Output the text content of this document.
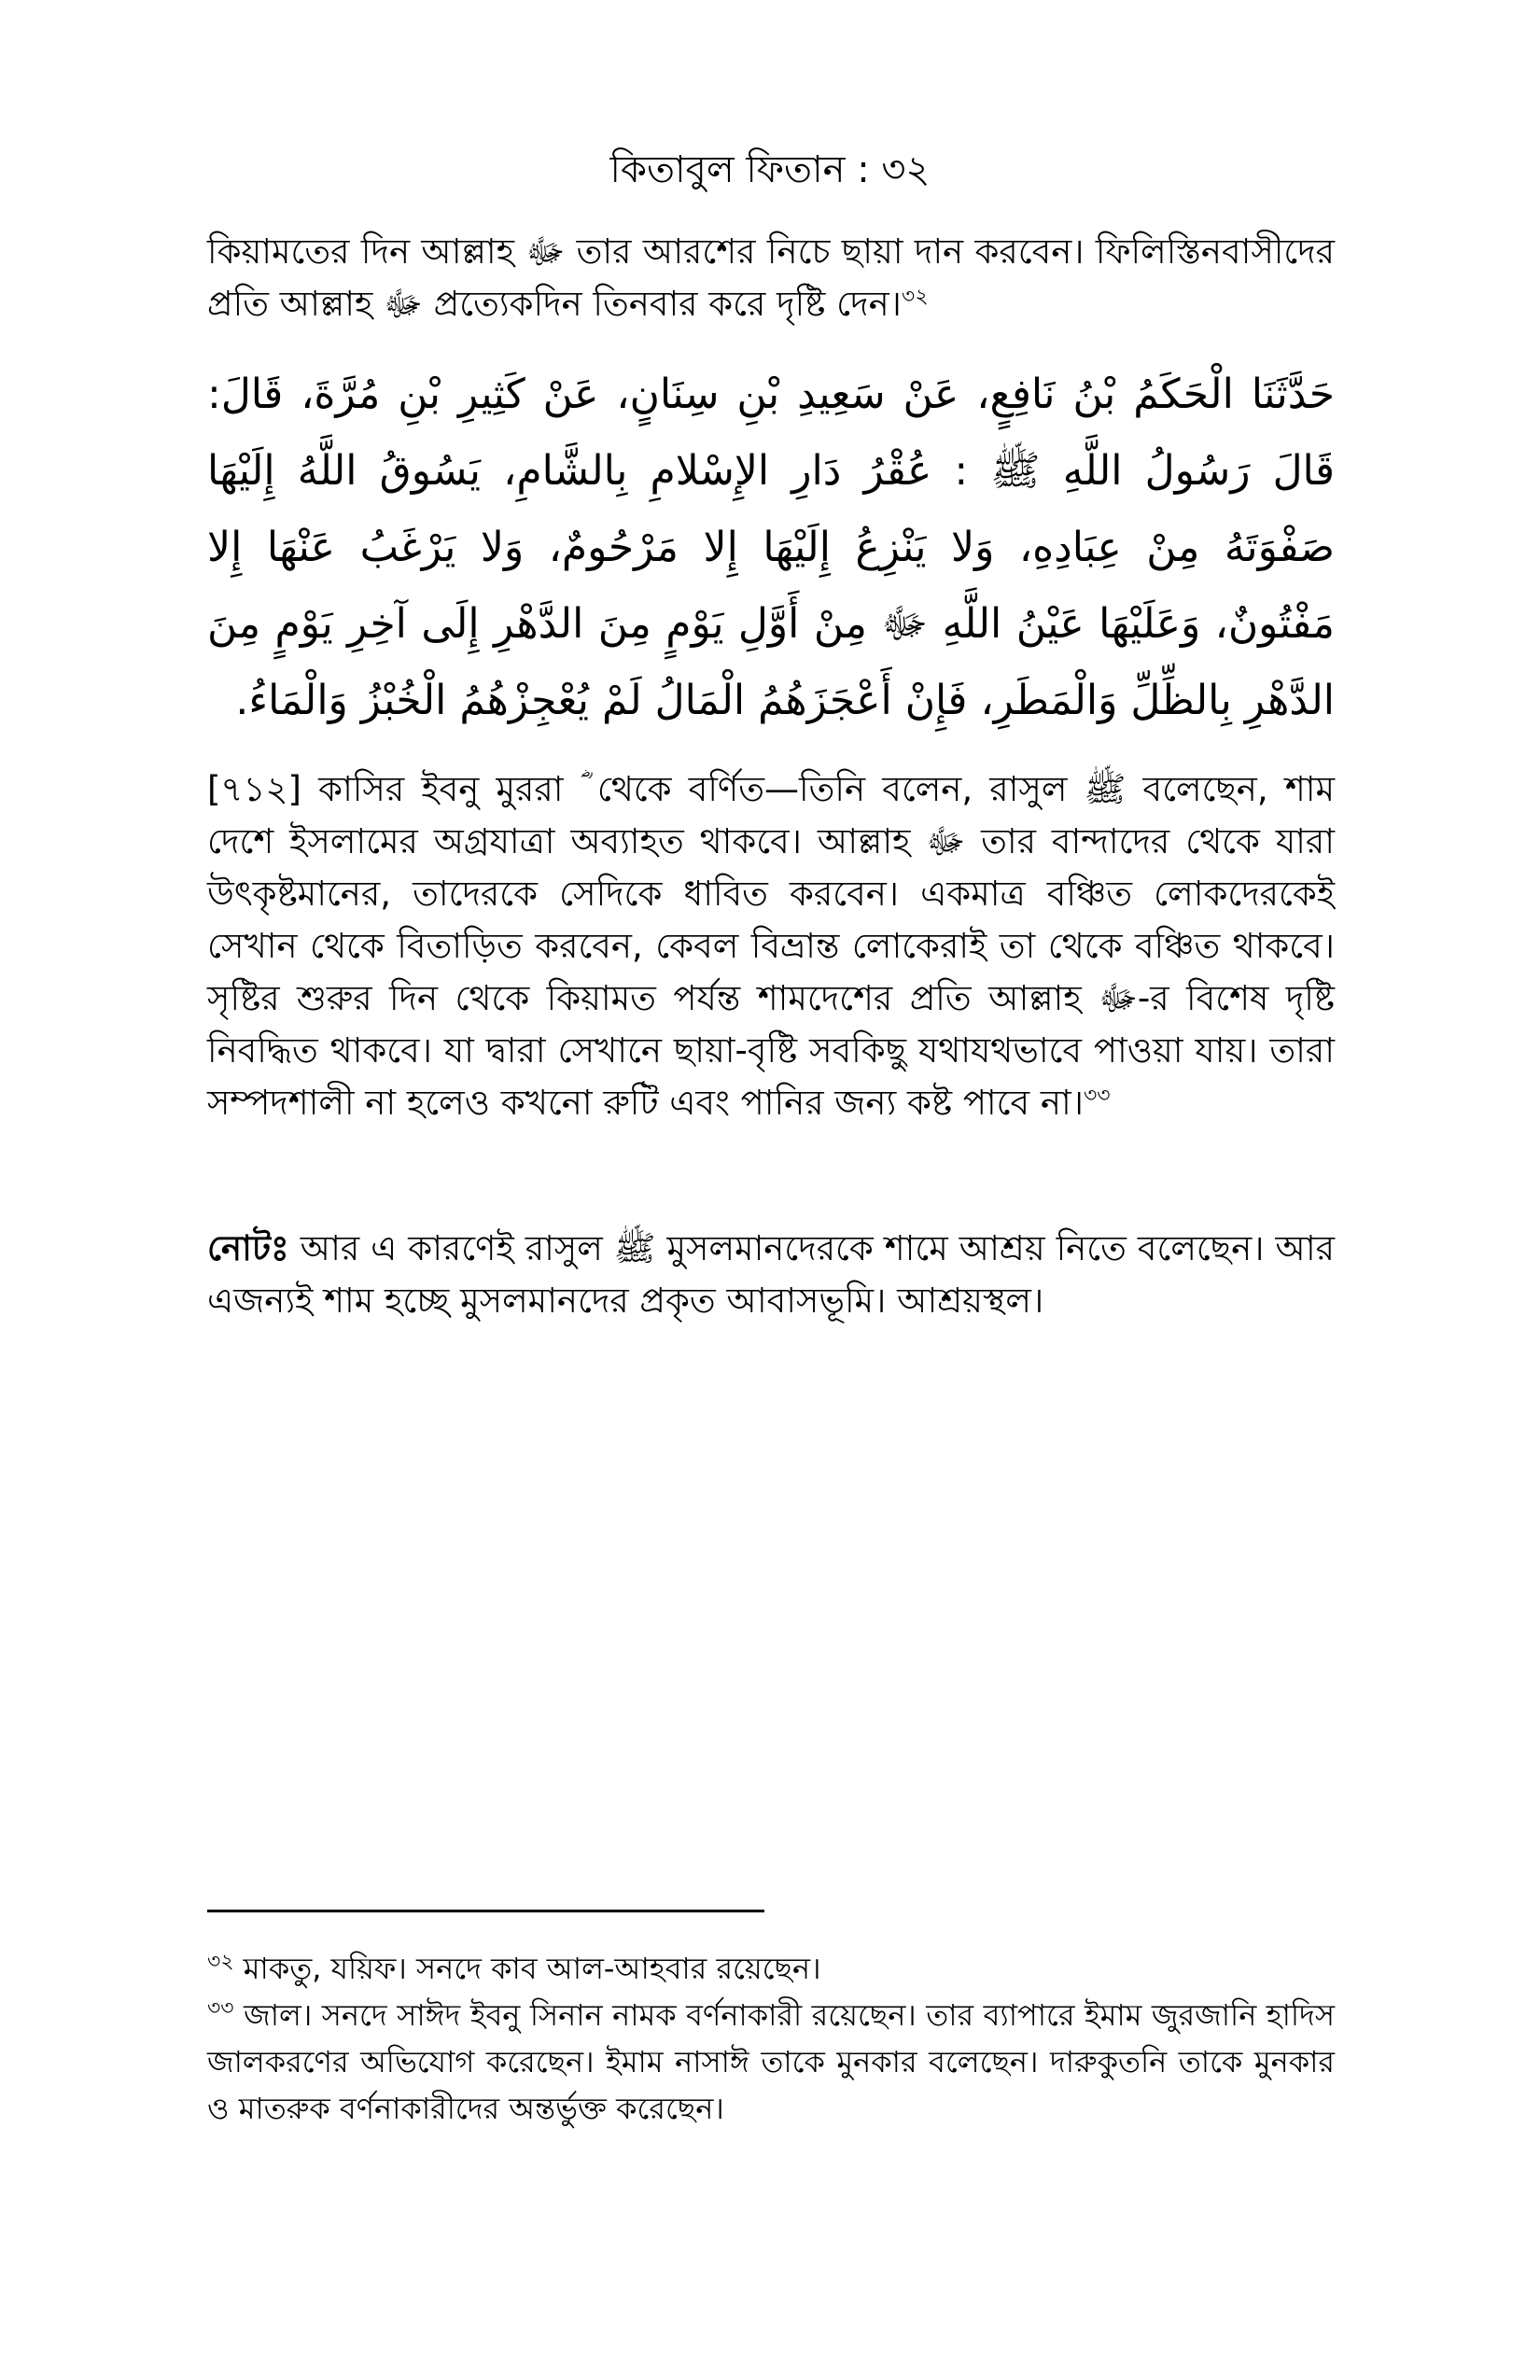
কিতাবুল ফিতান : ৩২

কিয়ামতের দিন আল্লাহ ﷻ তার আরশের নিচে ছায়া দান করবেন। ফিলিস্তিনবাসীদের প্রতি আল্লাহ ﷻ প্রত্যেকদিন তিনবার করে দৃষ্টি দেন।$^{৩২}$

حَدَّثَنَا الْحَكَمُ بْنُ نَافِعٍ، عَنْ سَعِيدِ بْنِ سِنَانٍ، عَنْ كَثِيرِ بْنِ مُرَّةَ، قَالَ: قَالَ رَسُولُ اللَّهِ ﷺ : عُقْرُ دَارِ الإِسْلامِ بِالشَّامِ، يَسُوقُ اللَّهُ إِلَيْهَا صَفْوَتَهُ مِنْ عِبَادِهِ، وَلا يَنْزِعُ إِلَيْهَا إِلا مَرْحُومٌ، وَلا يَرْغَبُ عَنْهَا إِلا مَفْتُونٌ، وَعَلَيْهَا عَيْنُ اللَّهِ ﷻ مِنْ أَوَّلِ يَوْمٍ مِنَ الدَّهْرِ إِلَى آخِرِ يَوْمٍ مِنَ الدَّهْرِ بِالظِّلِّ وَالْمَطَرِ، فَإِنْ أَعْجَزَهُمُ الْمَالُ لَمْ يُعْجِزْهُمُ الْخُبْزُ وَالْمَاءُ.

[৭১২] কাসির ইবনু মুররা ؓ থেকে বর্ণিত—তিনি বলেন, রাসুল ﷺ বলেছেন, শাম দেশে ইসলামের অগ্রযাত্রা অব্যাহত থাকবে। আল্লাহ ﷻ তার বান্দাদের থেকে যারা উৎকৃষ্টমানের, তাদেরকে সেদিকে ধাবিত করবেন। একমাত্র বঞ্চিত লোকদেরকেই সেখান থেকে বিতাড়িত করবেন, কেবল বিভ্রান্ত লোকেরাই তা থেকে বঞ্চিত থাকবে। সৃষ্টির শুরুর দিন থেকে কিয়ামত পর্যন্ত শামদেশের প্রতি আল্লাহ ﷻ-র বিশেষ দৃষ্টি নিবদ্ধিত থাকবে। যা দ্বারা সেখানে ছায়া-বৃষ্টি সবকিছু যথাযথভাবে পাওয়া যায়। তারা সম্পদশালী না হলেও কখনো রুটি এবং পানির জন্য কষ্ট পাবে না।$^{৩৩}$

নোটঃ আর এ কারণেই রাসুল ﷺ মুসলমানদেরকে শামে আশ্রয় নিতে বলেছেন। আর এজন্যই শাম হচ্ছে মুসলমানদের প্রকৃত আবাসভূমি। আশ্রয়স্থল।

$^{৩২}$ মাকতু, যয়িফ। সনদে কাব আল-আহবার রয়েছেন।

$^{৩৩}$ জাল। সনদে সাঈদ ইবনু সিনান নামক বর্ণনাকারী রয়েছেন। তার ব্যাপারে ইমাম জুরজানি হাদিস জালকরণের অভিযোগ করেছেন। ইমাম নাসাঈ তাকে মুনকার বলেছেন। দারুকুতনি তাকে মুনকার ও মাতরুক বর্ণনাকারীদের অন্তর্ভুক্ত করেছেন।
